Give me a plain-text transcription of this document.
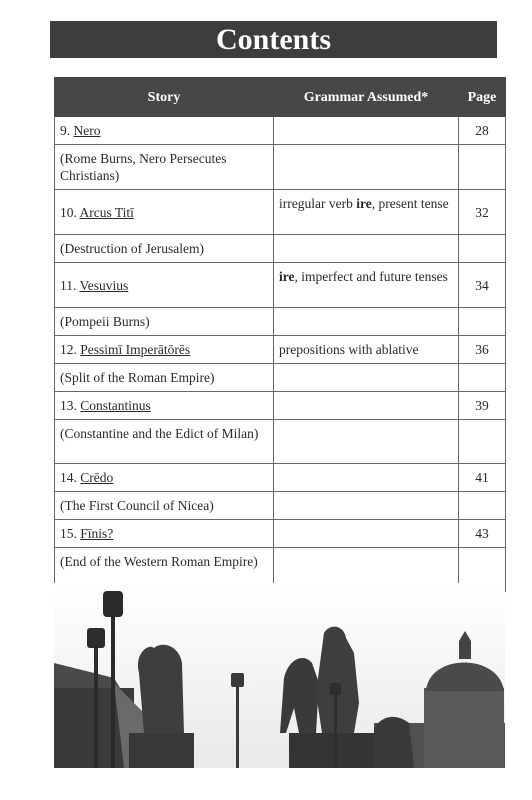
Contents
Story	Grammar Assumed*	Page
9. Nero		28
(Rome Burns, Nero Persecutes Christians)		
10. Arcus Titī	irregular verb ire, present tense	32
(Destruction of Jerusalem)		
11. Vesuvius	ire, imperfect and future tenses	34
(Pompeii Burns)		
12. Pessimī Imperātōrēs	prepositions with ablative	36
(Split of the Roman Empire)		
13. Constantinus		39
(Constantine and the Edict of Milan)		
14. Crēdo		41
(The First Council of Nicea)		
15. Fīnis?		43
(End of the Western Roman Empire)		
